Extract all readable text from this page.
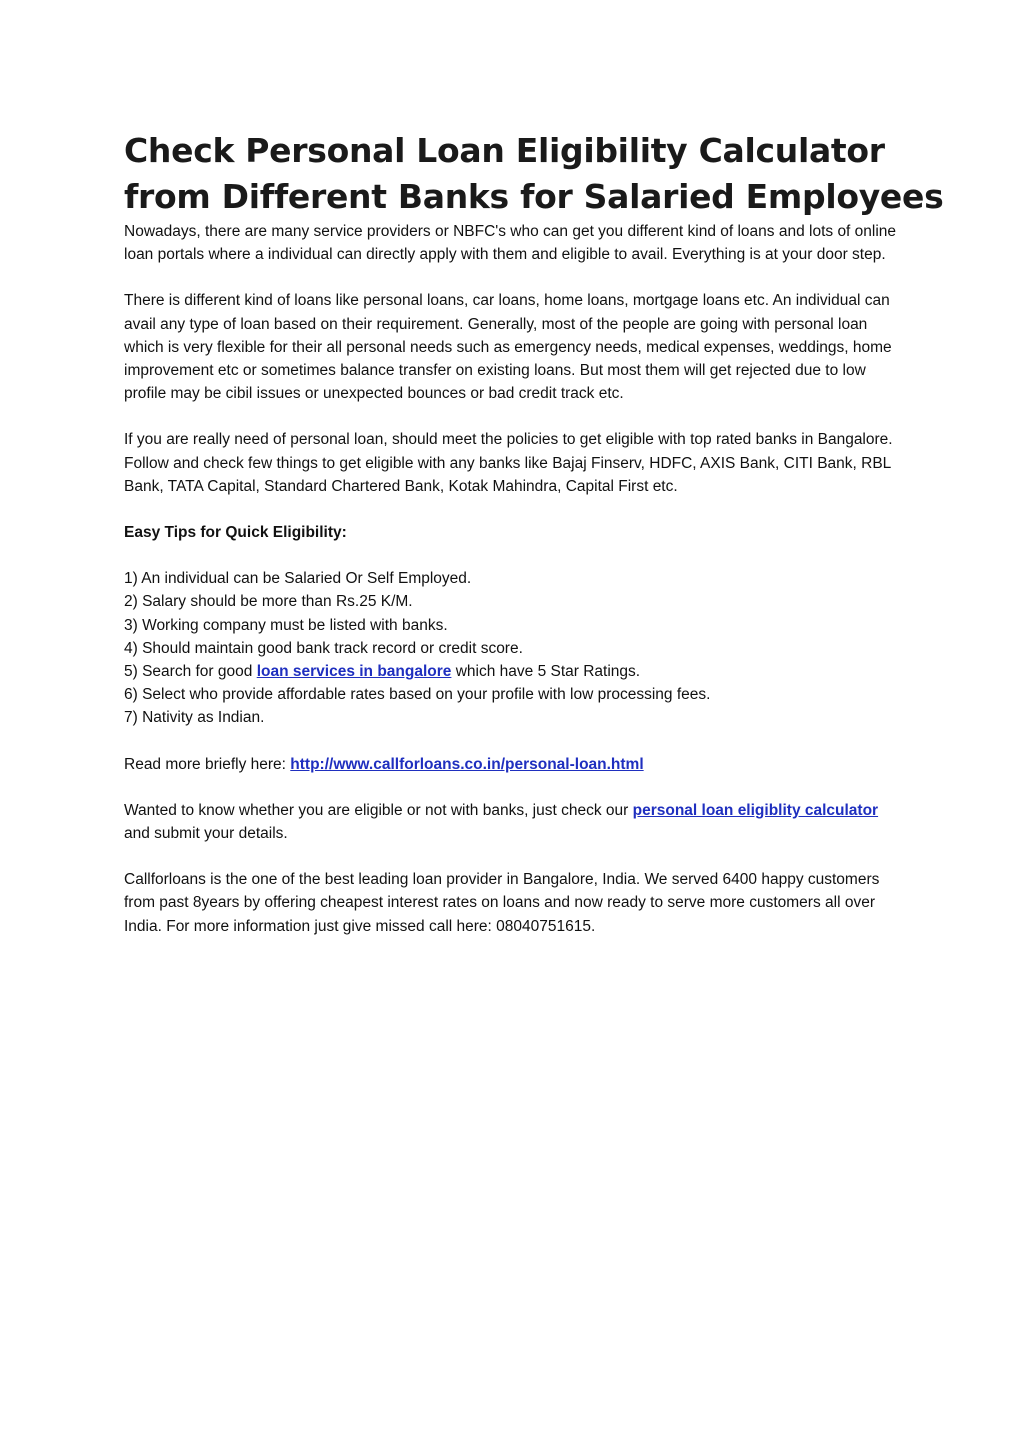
Check Personal Loan Eligibility Calculator
from Different Banks for Salaried Employees

Nowadays, there are many service providers or NBFC's who can get you different kind of loans and lots of online loan portals where a individual can directly apply with them and eligible to avail. Everything is at your door step.

There is different kind of loans like personal loans, car loans, home loans, mortgage loans etc. An individual can avail any type of loan based on their requirement. Generally, most of the people are going with personal loan which is very flexible for their all personal needs such as emergency needs, medical expenses, weddings, home improvement etc or sometimes balance transfer on existing loans. But most them will get rejected due to low profile may be cibil issues or unexpected bounces or bad credit track etc.

If you are really need of personal loan, should meet the policies to get eligible with top rated banks in Bangalore. Follow and check few things to get eligible with any banks like Bajaj Finserv, HDFC, AXIS Bank, CITI Bank, RBL Bank, TATA Capital, Standard Chartered Bank, Kotak Mahindra, Capital First etc.

Easy Tips for Quick Eligibility:
1) An individual can be Salaried Or Self Employed.
2) Salary should be more than Rs.25 K/M.
3) Working company must be listed with banks.
4) Should maintain good bank track record or credit score.
5) Search for good loan services in bangalore which have 5 Star Ratings.
6) Select who provide affordable rates based on your profile with low processing fees.
7) Nativity as Indian.

Read more briefly here: http://www.callforloans.co.in/personal-loan.html

Wanted to know whether you are eligible or not with banks, just check our personal loan eligiblity calculator and submit your details.

Callforloans is the one of the best leading loan provider in Bangalore, India. We served 6400 happy customers from past 8years by offering cheapest interest rates on loans and now ready to serve more customers all over India. For more information just give missed call here: 08040751615.
